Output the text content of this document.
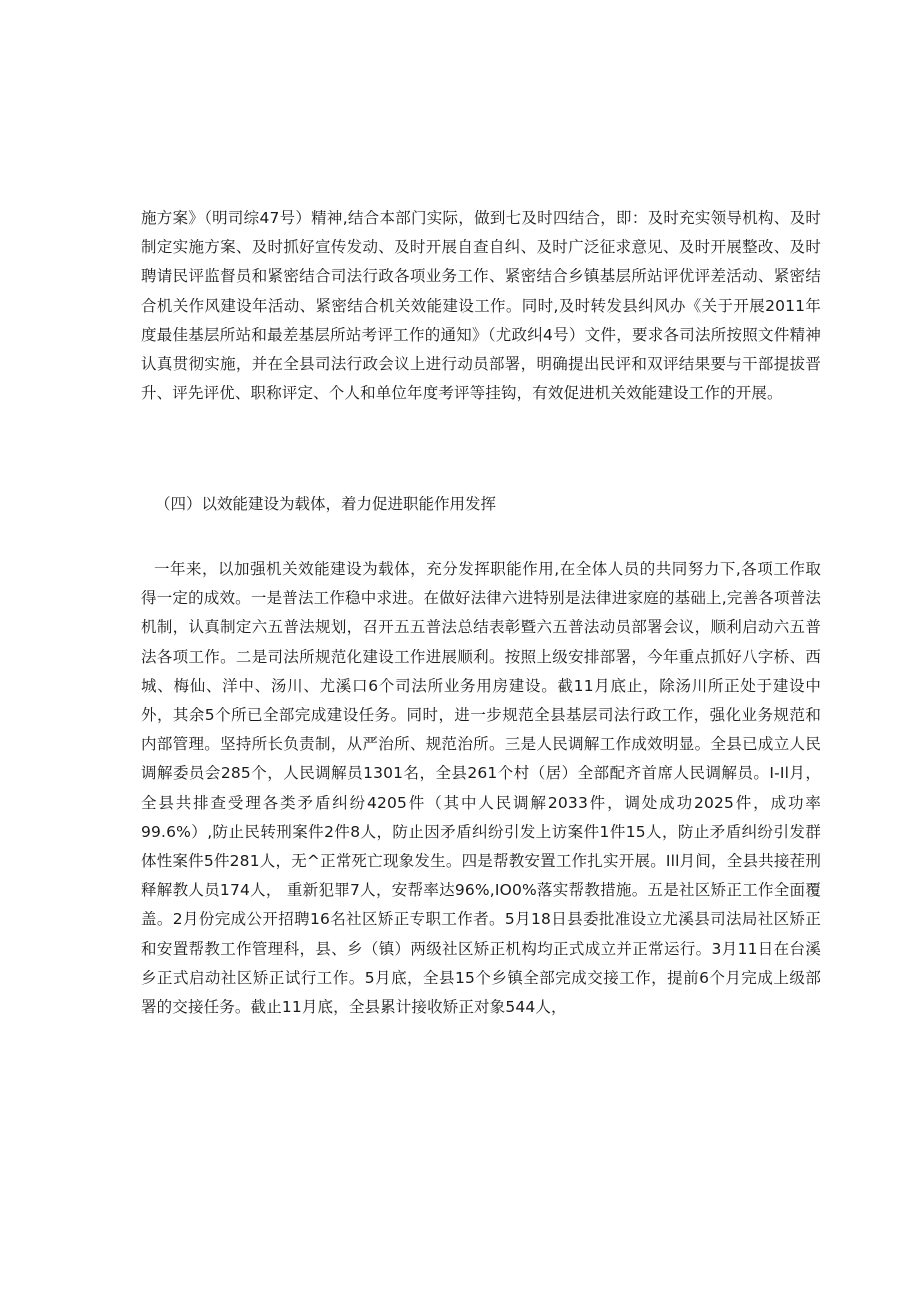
施方案》（明司综47号）精神,结合本部门实际，做到七及时四结合，即：及时充实领导机构、及时制定实施方案、及时抓好宣传发动、及时开展自查自纠、及时广泛征求意见、及时开展整改、及时聘请民评监督员和紧密结合司法行政各项业务工作、紧密结合乡镇基层所站评优评差活动、紧密结合机关作风建设年活动、紧密结合机关效能建设工作。同时,及时转发县纠风办《关于开展2011年度最佳基层所站和最差基层所站考评工作的通知》（尤政纠4号）文件，要求各司法所按照文件精神认真贯彻实施，并在全县司法行政会议上进行动员部署，明确提出民评和双评结果要与干部提拔晋升、评先评优、职称评定、个人和单位年度考评等挂钩，有效促进机关效能建设工作的开展。

（四）以效能建设为载体，着力促进职能作用发挥

一年来，以加强机关效能建设为载体，充分发挥职能作用,在全体人员的共同努力下,各项工作取得一定的成效。一是普法工作稳中求进。在做好法律六进特别是法律进家庭的基础上,完善各项普法机制，认真制定六五普法规划，召开五五普法总结表彰暨六五普法动员部署会议，顺利启动六五普法各项工作。二是司法所规范化建设工作进展顺利。按照上级安排部署，今年重点抓好八字桥、西城、梅仙、洋中、汤川、尤溪口6个司法所业务用房建设。截11月底止，除汤川所正处于建设中外，其余5个所已全部完成建设任务。同时，进一步规范全县基层司法行政工作，强化业务规范和内部管理。坚持所长负责制，从严治所、规范治所。三是人民调解工作成效明显。全县已成立人民调解委员会285个，人民调解员1301名，全县261个村（居）全部配齐首席人民调解员。I-Il月，全县共排查受理各类矛盾纠纷4205件（其中人民调解2033件，调处成功2025件，成功率99.6%）,防止民转刑案件2件8人，防止因矛盾纠纷引发上访案件1件15人，防止矛盾纠纷引发群体性案件5件281人，无^正常死亡现象发生。四是帮教安置工作扎实开展。Ill月间，全县共接茬刑释解教人员174人， 重新犯罪7人，安帮率达96%,IO0%落实帮教措施。五是社区矫正工作全面覆盖。2月份完成公开招聘16名社区矫正专职工作者。5月18日县委批准设立尤溪县司法局社区矫正和安置帮教工作管理科，县、乡（镇）两级社区矫正机构均正式成立并正常运行。3月11日在台溪乡正式启动社区矫正试行工作。5月底，全县15个乡镇全部完成交接工作，提前6个月完成上级部署的交接任务。截止11月底，全县累计接收矫正对象544人，
